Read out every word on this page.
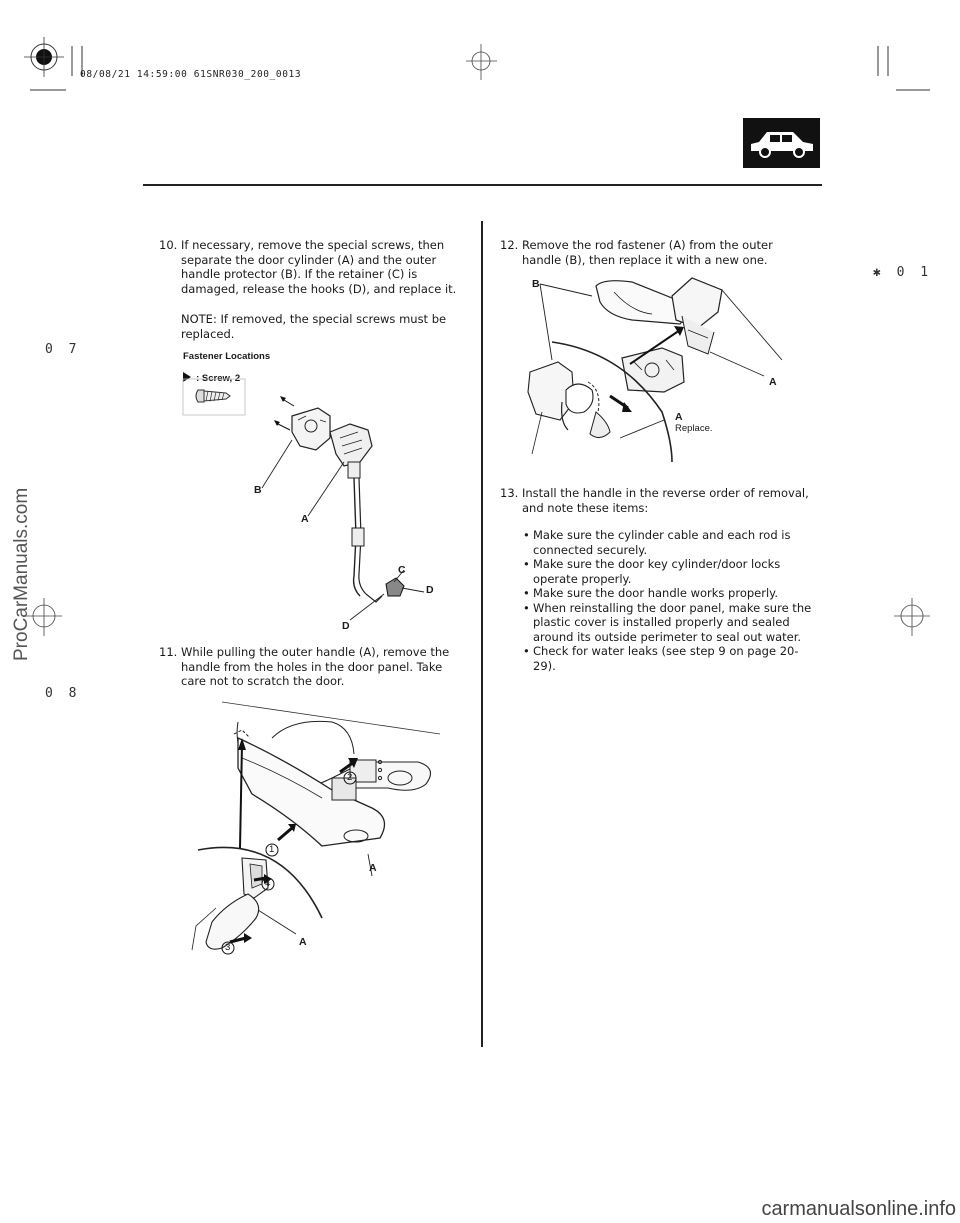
08/08/21 14:59:00 61SNR030_200_0013
✱ 0 1
0 7
0 8
ProCarManuals.com
carmanualsonline.info
10. If necessary, remove the special screws, then separate the door cylinder (A) and the outer handle protector (B). If the retainer (C) is damaged, release the hooks (D), and replace it.
NOTE: If removed, the special screws must be replaced.
Fastener Locations
: Screw, 2
B
A
C
D
D
11. While pulling the outer handle (A), remove the handle from the holes in the door panel. Take care not to scratch the door.
2
1
3
4
A
A
12. Remove the rod fastener (A) from the outer handle (B), then replace it with a new one.
B
A
A
Replace.
13. Install the handle in the reverse order of removal, and note these items:
• Make sure the cylinder cable and each rod is connected securely.
• Make sure the door key cylinder/door locks operate properly.
• Make sure the door handle works properly.
• When reinstalling the door panel, make sure the plastic cover is installed properly and sealed around its outside perimeter to seal out water.
• Check for water leaks (see step 9 on page 20-29).
